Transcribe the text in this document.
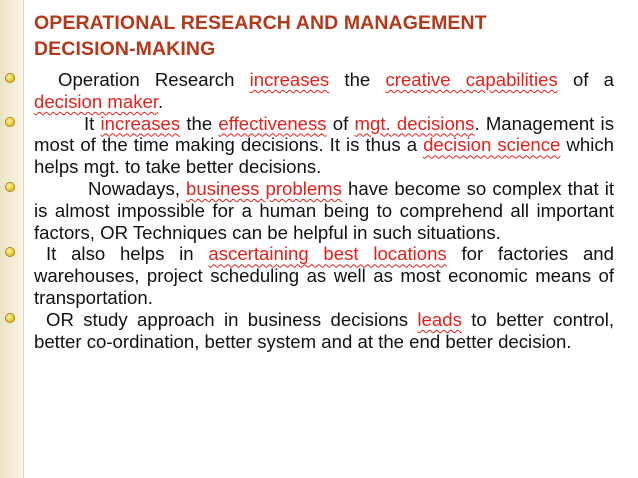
OPERATIONAL RESEARCH AND MANAGEMENT
DECISION-MAKING
Operation Research increases the creative capabilities of a decision maker.
It increases the effectiveness of mgt. decisions. Management is most of the time making decisions. It is thus a decision science which helps mgt. to take better decisions.
Nowadays, business problems have become so complex that it is almost impossible for a human being to comprehend all important factors, OR Techniques can be helpful in such situations.
It also helps in ascertaining best locations for factories and warehouses, project scheduling as well as most economic means of transportation.
OR study approach in business decisions leads to better control, better co-ordination, better system and at the end better decision.
